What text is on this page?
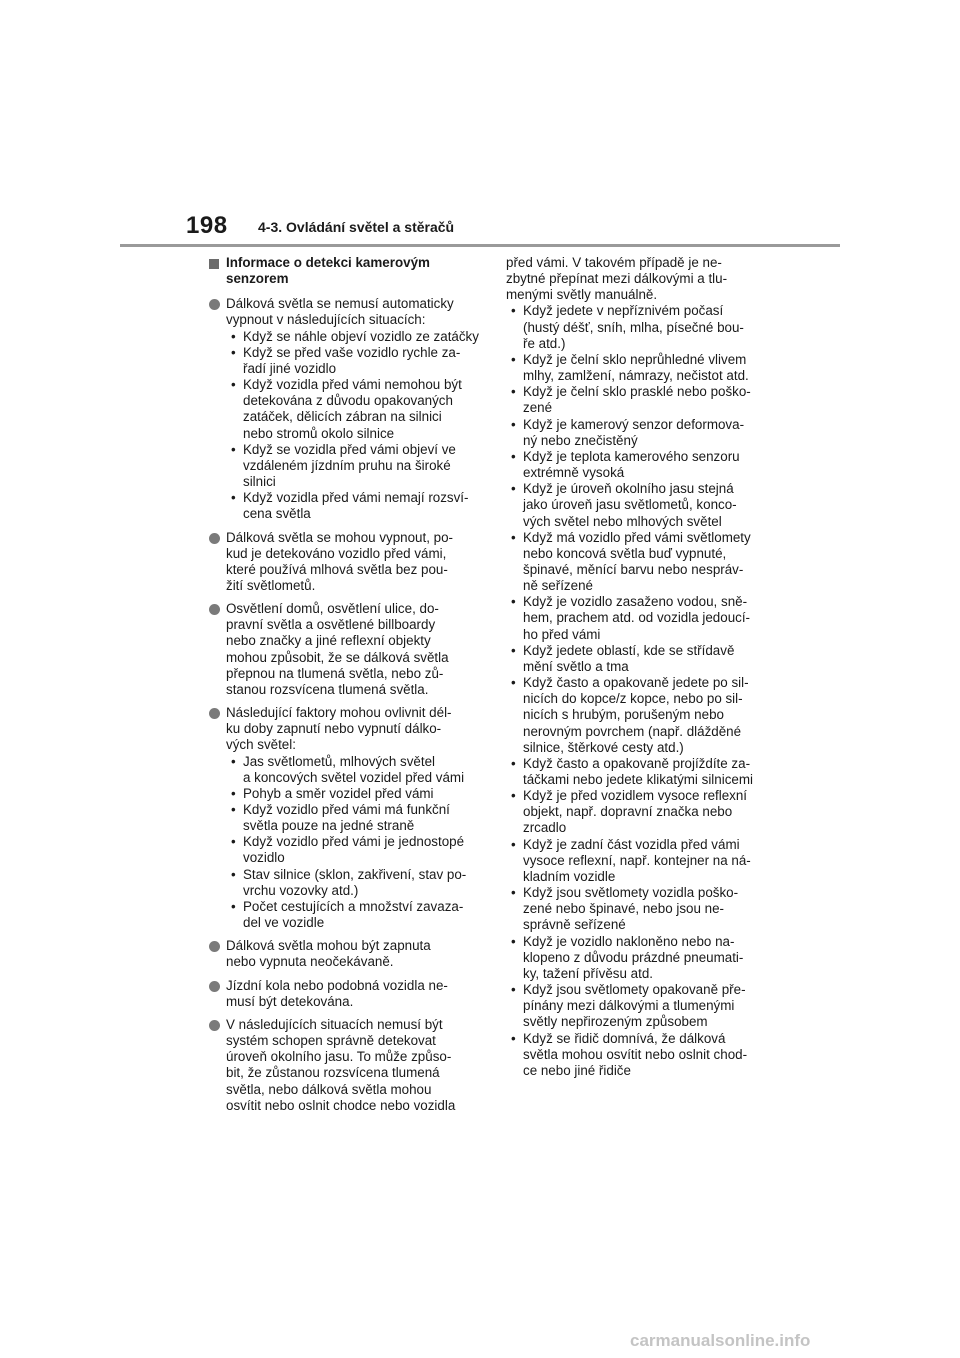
198 4-3. Ovládání světel a stěračů
Informace o detekci kamerovým
senzorem
Dálková světla se nemusí automaticky
vypnout v následujících situacích:
• Když se náhle objeví vozidlo ze zatáčky
• Když se před vaše vozidlo rychle za-
řadí jiné vozidlo
• Když vozidla před vámi nemohou být
detekována z důvodu opakovaných
zatáček, dělicích zábran na silnici
nebo stromů okolo silnice
• Když se vozidla před vámi objeví ve
vzdáleném jízdním pruhu na široké
silnici
• Když vozidla před vámi nemají rozsví-
cena světla
Dálková světla se mohou vypnout, po-
kud je detekováno vozidlo před vámi,
které používá mlhová světla bez pou-
žití světlometů.
Osvětlení domů, osvětlení ulice, do-
pravní světla a osvětlené billboardy
nebo značky a jiné reflexní objekty
mohou způsobit, že se dálková světla
přepnou na tlumená světla, nebo zů-
stanou rozsvícena tlumená světla.
Následující faktory mohou ovlivnit dél-
ku doby zapnutí nebo vypnutí dálko-
vých světel:
• Jas světlometů, mlhových světel
a koncových světel vozidel před vámi
• Pohyb a směr vozidel před vámi
• Když vozidlo před vámi má funkční
světla pouze na jedné straně
• Když vozidlo před vámi je jednostopé
vozidlo
• Stav silnice (sklon, zakřivení, stav po-
vrchu vozovky atd.)
• Počet cestujících a množství zavaza-
del ve vozidle
Dálková světla mohou být zapnuta
nebo vypnuta neočekávaně.
Jízdní kola nebo podobná vozidla ne-
musí být detekována.
V následujících situacích nemusí být
systém schopen správně detekovat
úroveň okolního jasu. To může způso-
bit, že zůstanou rozsvícena tlumená
světla, nebo dálková světla mohou
osvítit nebo oslnit chodce nebo vozidla
před vámi. V takovém případě je ne-
zbytné přepínat mezi dálkovými a tlu-
menými světly manuálně.
• Když jedete v nepříznivém počasí
(hustý déšť, sníh, mlha, písečné bou-
ře atd.)
• Když je čelní sklo neprůhledné vlivem
mlhy, zamlžení, námrazy, nečistot atd.
• Když je čelní sklo prasklé nebo poško-
zené
• Když je kamerový senzor deformova-
ný nebo znečistěný
• Když je teplota kamerového senzoru
extrémně vysoká
• Když je úroveň okolního jasu stejná
jako úroveň jasu světlometů, konco-
vých světel nebo mlhových světel
• Když má vozidlo před vámi světlomety
nebo koncová světla buď vypnuté,
špinavé, měnící barvu nebo nespráv-
ně seřízené
• Když je vozidlo zasaženo vodou, sně-
hem, prachem atd. od vozidla jedoucí-
ho před vámi
• Když jedete oblastí, kde se střídavě
mění světlo a tma
• Když často a opakovaně jedete po sil-
nicích do kopce/z kopce, nebo po sil-
nicích s hrubým, porušeným nebo
nerovným povrchem (např. dlážděné
silnice, štěrkové cesty atd.)
• Když často a opakovaně projíždíte za-
táčkami nebo jedete klikatými silnicemi
• Když je před vozidlem vysoce reflexní
objekt, např. dopravní značka nebo
zrcadlo
• Když je zadní část vozidla před vámi
vysoce reflexní, např. kontejner na ná-
kladním vozidle
• Když jsou světlomety vozidla poško-
zené nebo špinavé, nebo jsou ne-
správně seřízené
• Když je vozidlo nakloněno nebo na-
klopeno z důvodu prázdné pneumati-
ky, tažení přívěsu atd.
• Když jsou světlomety opakovaně pře-
pínány mezi dálkovými a tlumenými
světly nepřirozeným způsobem
• Když se řidič domnívá, že dálková
světla mohou osvítit nebo oslnit chod-
ce nebo jiné řidiče
carmanualsonline.info
